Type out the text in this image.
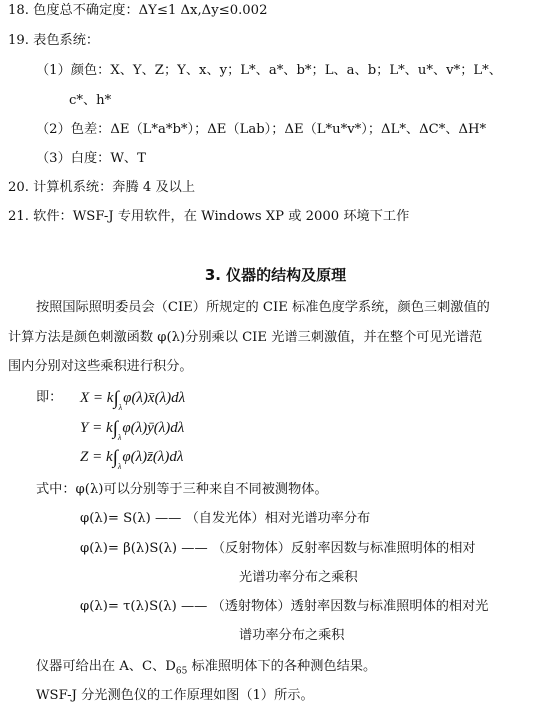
18. 色度总不确定度：ΔY≤1 Δx,Δy≤0.002
19. 表色系统：
（1）颜色：X、Y、Z；Y、x、y；L*、a*、b*；L、a、b；L*、u*、v*；L*、
c*、h*
（2）色差：ΔE（L*a*b*）；ΔE（Lab）；ΔE（L*u*v*）；ΔL*、ΔC*、ΔH*
（3）白度：W、T
20. 计算机系统：奔腾 4 及以上
21. 软件：WSF-J 专用软件，在 Windows XP 或 2000 环境下工作
3. 仪器的结构及原理
按照国际照明委员会（CIE）所规定的 CIE 标准色度学系统，颜色三刺激值的
计算方法是颜色刺激函数 φ(λ)分别乘以 CIE 光谱三刺激值，并在整个可见光谱范
围内分别对这些乘积进行积分。
即： $X = k\int_\lambda\varphi(\lambda)x̄(\lambda)d\lambda$
$Y = k\int_\lambda\varphi(\lambda)ȳ(\lambda)d\lambda$
$Z = k\int_\lambda\varphi(\lambda)z̄(\lambda)d\lambda$
式中：φ(λ)可以分别等于三种来自不同被测物体。
φ(λ)= S(λ) —— （自发光体）相对光谱功率分布
φ(λ)= β(λ)S(λ) —— （反射物体）反射率因数与标准照明体的相对
光谱功率分布之乘积
φ(λ)= τ(λ)S(λ) —— （透射物体）透射率因数与标准照明体的相对光
谱功率分布之乘积
仪器可给出在 A、C、$D_{65}$ 标准照明体下的各种测色结果。
WSF-J 分光测色仪的工作原理如图（1）所示。
